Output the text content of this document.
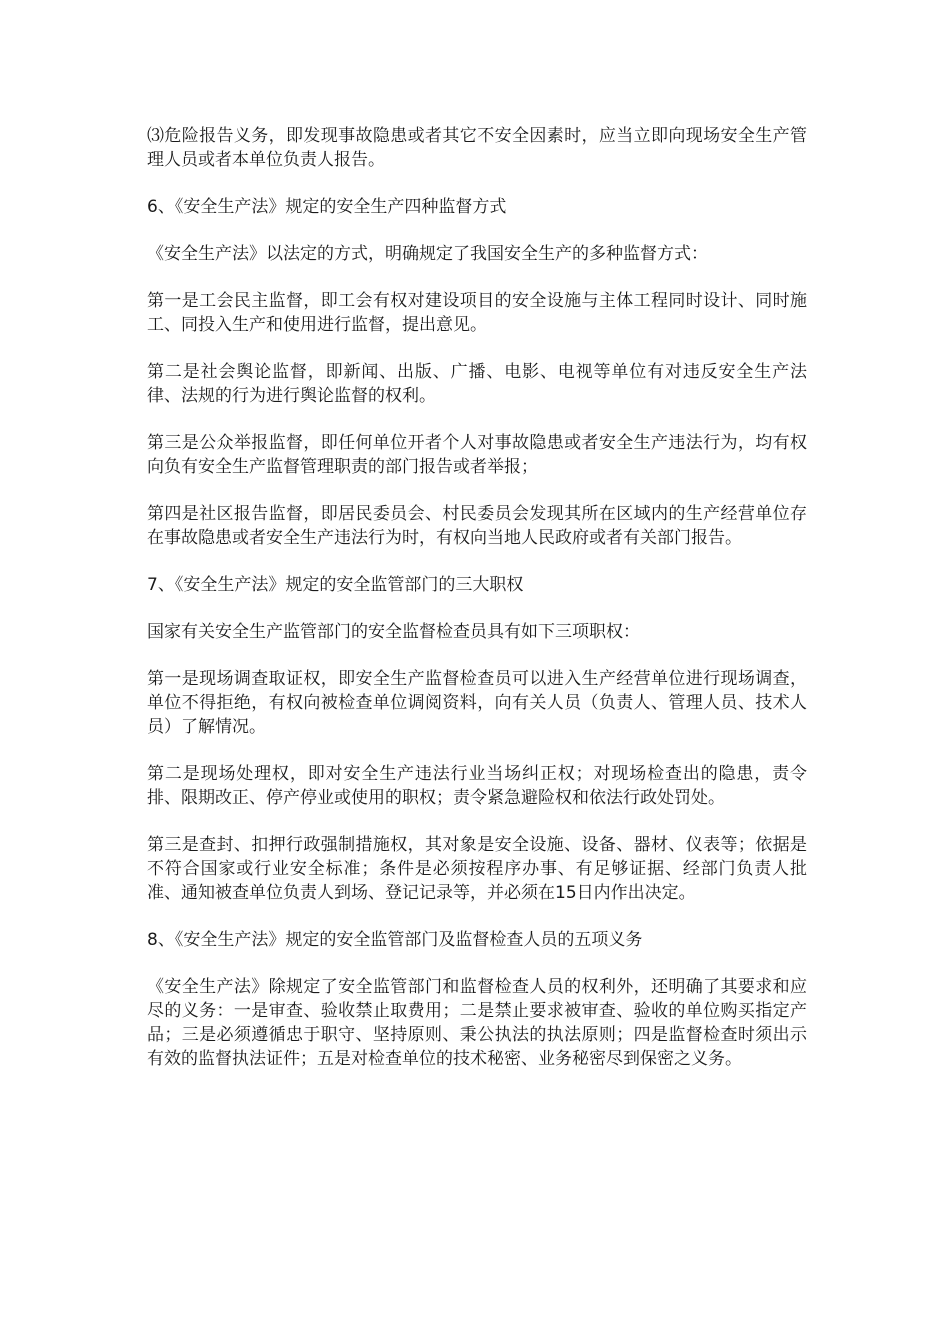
⑶危险报告义务，即发现事故隐患或者其它不安全因素时，应当立即向现场安全生产管理人员或者本单位负责人报告。

6、《安全生产法》规定的安全生产四种监督方式

《安全生产法》以法定的方式，明确规定了我国安全生产的多种监督方式：

第一是工会民主监督，即工会有权对建设项目的安全设施与主体工程同时设计、同时施工、同投入生产和使用进行监督，提出意见。

第二是社会舆论监督，即新闻、出版、广播、电影、电视等单位有对违反安全生产法律、法规的行为进行舆论监督的权利。

第三是公众举报监督，即任何单位开者个人对事故隐患或者安全生产违法行为，均有权向负有安全生产监督管理职责的部门报告或者举报；

第四是社区报告监督，即居民委员会、村民委员会发现其所在区域内的生产经营单位存在事故隐患或者安全生产违法行为时，有权向当地人民政府或者有关部门报告。

7、《安全生产法》规定的安全监管部门的三大职权

国家有关安全生产监管部门的安全监督检查员具有如下三项职权：

第一是现场调查取证权，即安全生产监督检查员可以进入生产经营单位进行现场调查，单位不得拒绝，有权向被检查单位调阅资料，向有关人员（负责人、管理人员、技术人员）了解情况。

第二是现场处理权，即对安全生产违法行业当场纠正权；对现场检查出的隐患，责令排、限期改正、停产停业或使用的职权；责令紧急避险权和依法行政处罚处。

第三是查封、扣押行政强制措施权，其对象是安全设施、设备、器材、仪表等；依据是不符合国家或行业安全标准；条件是必须按程序办事、有足够证据、经部门负责人批准、通知被查单位负责人到场、登记记录等，并必须在15日内作出决定。

8、《安全生产法》规定的安全监管部门及监督检查人员的五项义务

《安全生产法》除规定了安全监管部门和监督检查人员的权利外，还明确了其要求和应尽的义务：一是审查、验收禁止取费用；二是禁止要求被审查、验收的单位购买指定产品；三是必须遵循忠于职守、坚持原则、秉公执法的执法原则；四是监督检查时须出示有效的监督执法证件；五是对检查单位的技术秘密、业务秘密尽到保密之义务。
